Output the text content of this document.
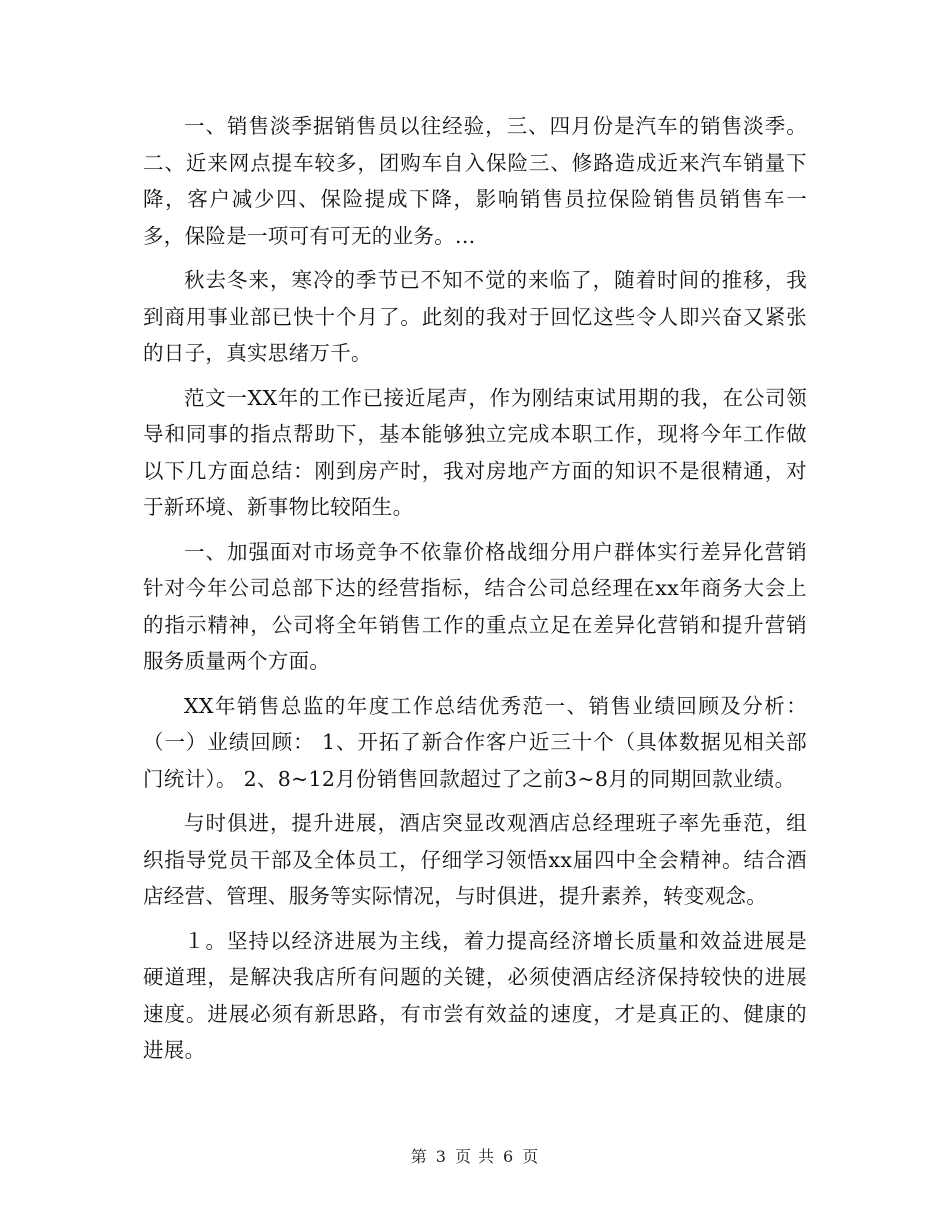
一、销售淡季据销售员以往经验，三、四月份是汽车的销售淡季。二、近来网点提车较多，团购车自入保险三、修路造成近来汽车销量下降，客户减少四、保险提成下降，影响销售员拉保险销售员销售车一多，保险是一项可有可无的业务。...

秋去冬来，寒冷的季节已不知不觉的来临了，随着时间的推移，我到商用事业部已快十个月了。此刻的我对于回忆这些令人即兴奋又紧张的日子，真实思绪万千。

范文一XX年的工作已接近尾声，作为刚结束试用期的我，在公司领导和同事的指点帮助下，基本能够独立完成本职工作，现将今年工作做以下几方面总结：刚到房产时，我对房地产方面的知识不是很精通，对于新环境、新事物比较陌生。

一、加强面对市场竞争不依靠价格战细分用户群体实行差异化营销针对今年公司总部下达的经营指标，结合公司总经理在xx年商务大会上的指示精神，公司将全年销售工作的重点立足在差异化营销和提升营销服务质量两个方面。

XX年销售总监的年度工作总结优秀范一、销售业绩回顾及分析：（一）业绩回顾： 1、开拓了新合作客户近三十个（具体数据见相关部门统计）。 2、8~12月份销售回款超过了之前3~8月的同期回款业绩。

与时俱进，提升进展，酒店突显改观酒店总经理班子率先垂范，组织指导党员干部及全体员工，仔细学习领悟xx届四中全会精神。结合酒店经营、管理、服务等实际情况，与时俱进，提升素养，转变观念。

１。坚持以经济进展为主线，着力提高经济增长质量和效益进展是硬道理，是解决我店所有问题的关键，必须使酒店经济保持较快的进展速度。进展必须有新思路，有市尝有效益的速度，才是真正的、健康的进展。

第 3 页 共 6 页
